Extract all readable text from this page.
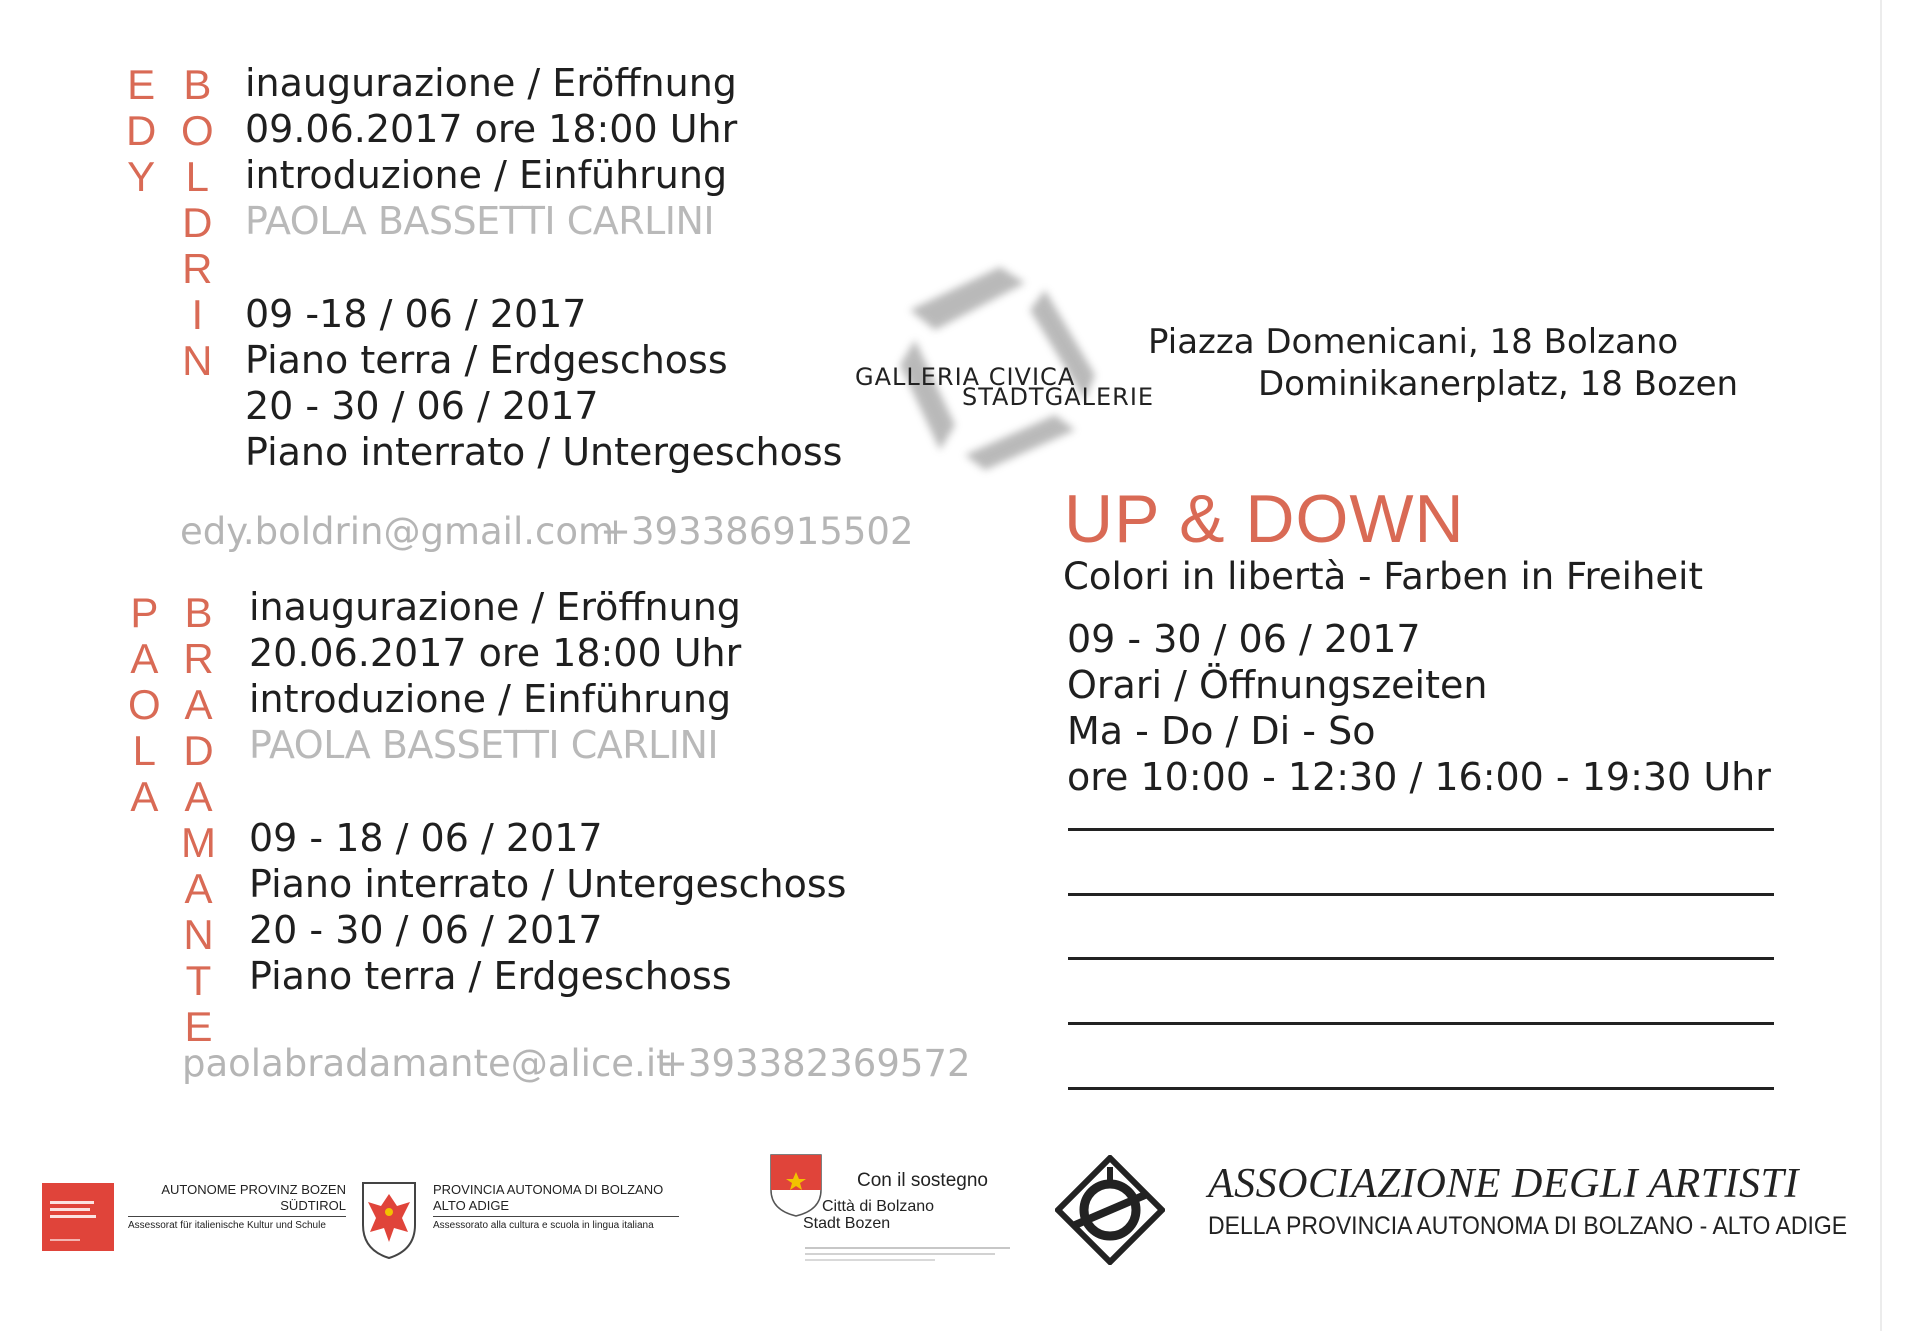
E
D
Y
B
O
L
D
R
I
N
inaugurazione / Eröffnung
09.06.2017 ore 18:00 Uhr
introduzione / Einführung
PAOLA BASSETTI CARLINI
09 -18 / 06 / 2017
Piano terra / Erdgeschoss
20 - 30 / 06 / 2017
Piano interrato / Untergeschoss
edy.boldrin@gmail.com
+393386915502
P
A
O
L
A
B
R
A
D
A
M
A
N
T
E
inaugurazione / Eröffnung
20.06.2017 ore 18:00 Uhr
introduzione / Einführung
PAOLA BASSETTI CARLINI
09 - 18 / 06 / 2017
Piano interrato / Untergeschoss
20 - 30 / 06 / 2017
Piano terra / Erdgeschoss
paolabradamante@alice.it
+393382369572
GALLERIA CIVICA
STADTGALERIE
Piazza Domenicani, 18 Bolzano
Dominikanerplatz, 18 Bozen
UP & DOWN
Colori in libertà - Farben in Freiheit
09 - 30 / 06 / 2017
Orari / Öffnungszeiten
Ma - Do / Di - So
ore 10:00 - 12:30 / 16:00 - 19:30 Uhr
AUTONOME PROVINZ BOZEN
SÜDTIROL
Assessorat für italienische Kultur und Schule
PROVINCIA AUTONOMA DI BOLZANO
ALTO ADIGE
Assessorato alla cultura e scuola in lingua italiana
Con il sostegno
Città di Bolzano
Stadt Bozen
ASSOCIAZIONE DEGLI ARTISTI
DELLA PROVINCIA AUTONOMA DI BOLZANO - ALTO ADIGE
